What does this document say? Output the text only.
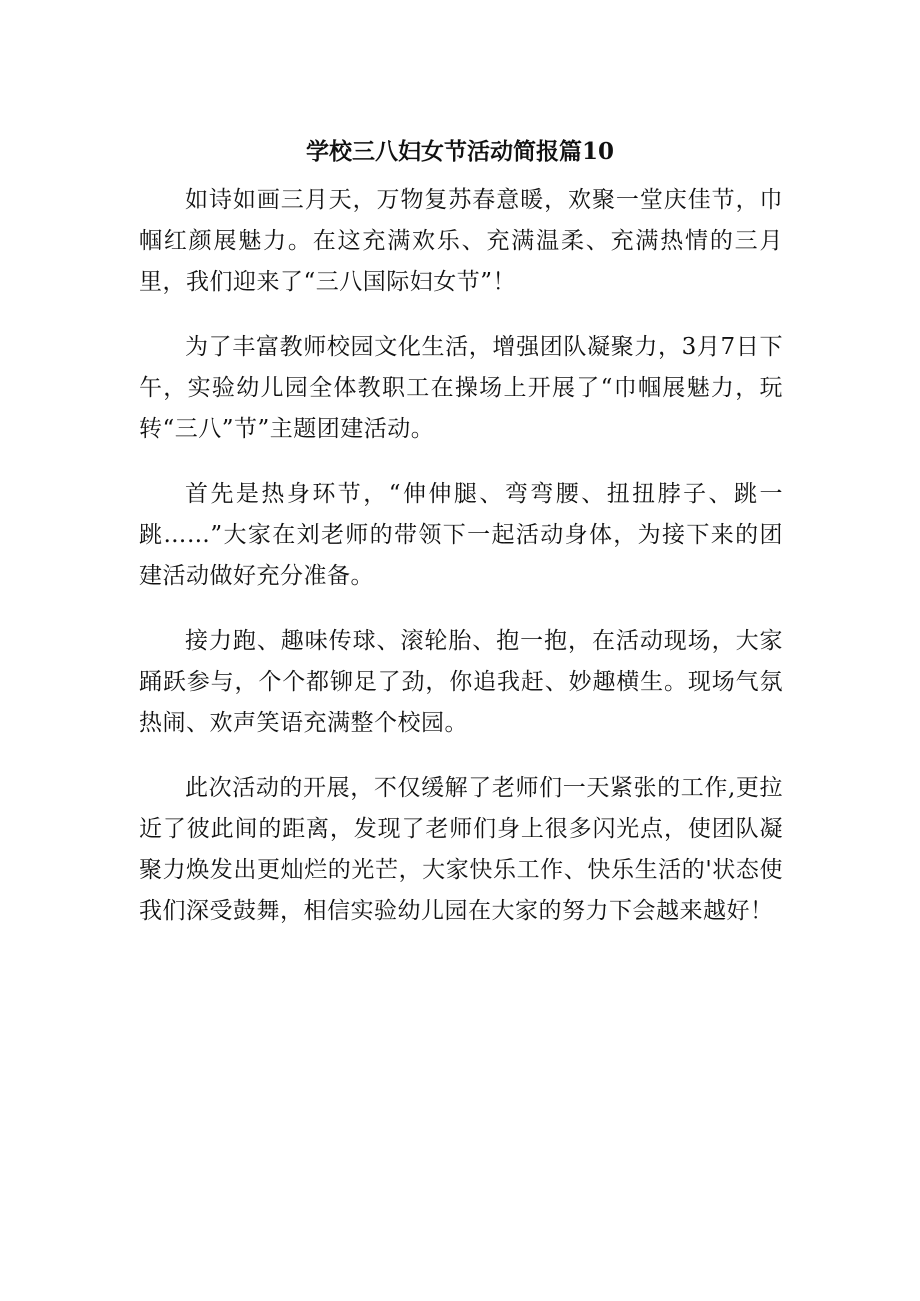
学校三八妇女节活动简报篇10

如诗如画三月天，万物复苏春意暖，欢聚一堂庆佳节，巾帼红颜展魅力。在这充满欢乐、充满温柔、充满热情的三月里，我们迎来了“三八国际妇女节”！

为了丰富教师校园文化生活，增强团队凝聚力，3月7日下午，实验幼儿园全体教职工在操场上开展了“巾帼展魅力，玩转“三八”节”主题团建活动。

首先是热身环节，“伸伸腿、弯弯腰、扭扭脖子、跳一跳……”大家在刘老师的带领下一起活动身体，为接下来的团建活动做好充分准备。

接力跑、趣味传球、滚轮胎、抱一抱，在活动现场，大家踊跃参与，个个都铆足了劲，你追我赶、妙趣横生。现场气氛热闹、欢声笑语充满整个校园。

此次活动的开展，不仅缓解了老师们一天紧张的工作,更拉近了彼此间的距离，发现了老师们身上很多闪光点，使团队凝聚力焕发出更灿烂的光芒，大家快乐工作、快乐生活的'状态使我们深受鼓舞，相信实验幼儿园在大家的努力下会越来越好！
